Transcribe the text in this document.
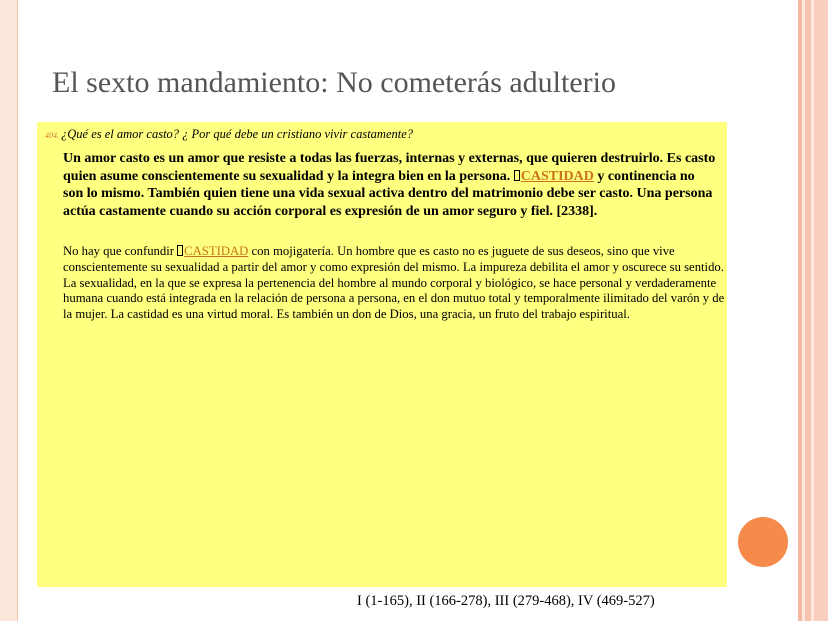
El sexto mandamiento: No cometerás adulterio
404. ¿Qué es el amor casto? ¿ Por qué debe un cristiano vivir castamente?

Un amor casto es un amor que resiste a todas las fuerzas, internas y externas, que quieren destruirlo. Es casto quien asume conscientemente su sexualidad y la integra bien en la persona. CASTIDAD y continencia no son lo mismo. También quien tiene una vida sexual activa dentro del matrimonio debe ser casto. Una persona actúa castamente cuando su acción corporal es expresión de un amor seguro y fiel. [2338].

No hay que confundir CASTIDAD con mojigatería. Un hombre que es casto no es juguete de sus deseos, sino que vive conscientemente su sexualidad a partir del amor y como expresión del mismo. La impureza debilita el amor y oscurece su sentido. La sexualidad, en la que se expresa la pertenencia del hombre al mundo corporal y biológico, se hace personal y verdaderamente humana cuando está integrada en la relación de persona a persona, en el don mutuo total y temporalmente ilimitado del varón y de la mujer. La castidad es una virtud moral. Es también un don de Dios, una gracia, un fruto del trabajo espiritual.

I (1-165), II (166-278), III (279-468), IV (469-527)
